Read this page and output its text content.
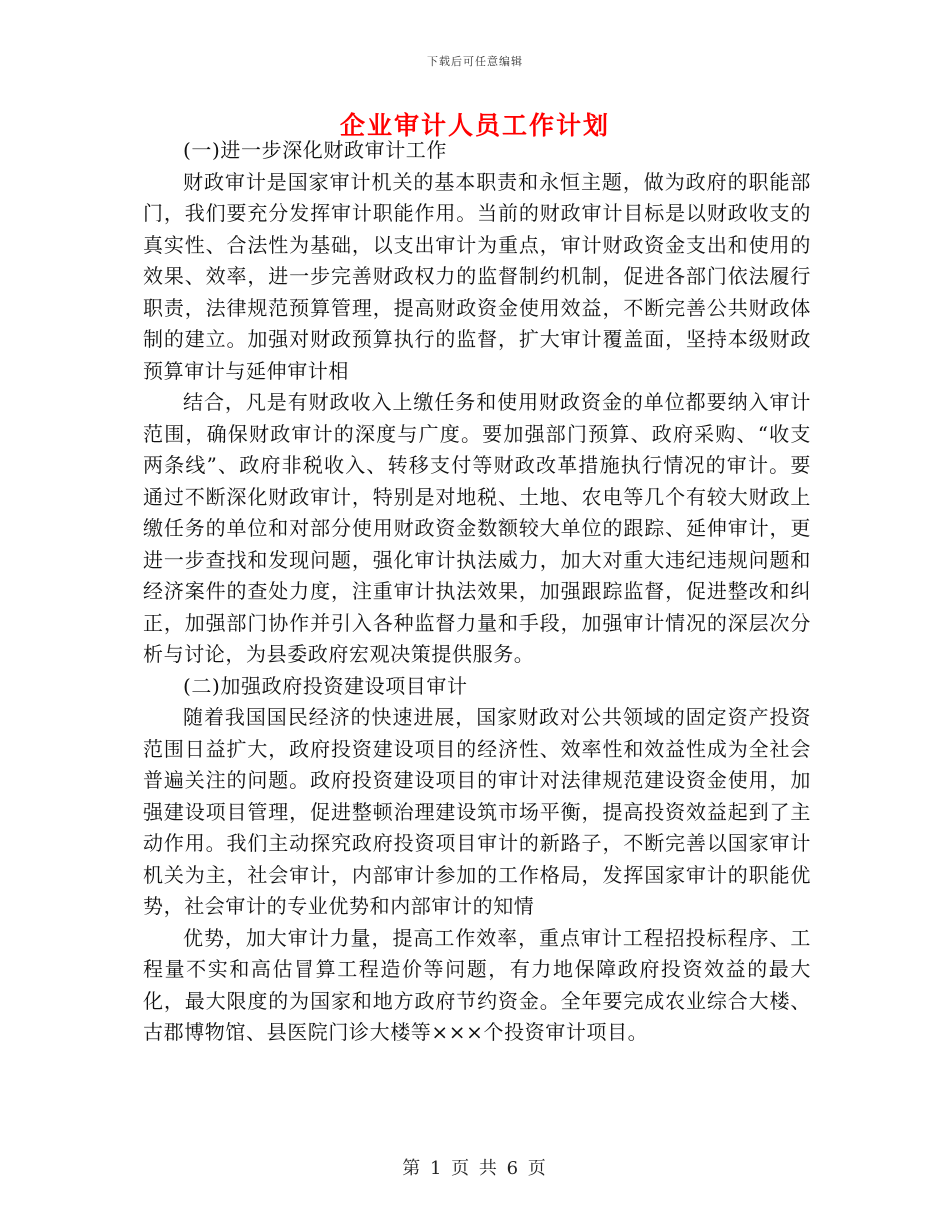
下载后可任意编辑
企业审计人员工作计划

(一)进一步深化财政审计工作

财政审计是国家审计机关的基本职责和永恒主题，做为政府的职能部门，我们要充分发挥审计职能作用。当前的财政审计目标是以财政收支的真实性、合法性为基础，以支出审计为重点，审计财政资金支出和使用的效果、效率，进一步完善财政权力的监督制约机制，促进各部门依法履行职责，法律规范预算管理，提高财政资金使用效益，不断完善公共财政体制的建立。加强对财政预算执行的监督，扩大审计覆盖面，坚持本级财政预算审计与延伸审计相

结合，凡是有财政收入上缴任务和使用财政资金的单位都要纳入审计范围，确保财政审计的深度与广度。要加强部门预算、政府采购、“收支两条线”、政府非税收入、转移支付等财政改革措施执行情况的审计。要通过不断深化财政审计，特别是对地税、土地、农电等几个有较大财政上缴任务的单位和对部分使用财政资金数额较大单位的跟踪、延伸审计，更进一步查找和发现问题，强化审计执法威力，加大对重大违纪违规问题和经济案件的查处力度，注重审计执法效果，加强跟踪监督，促进整改和纠正，加强部门协作并引入各种监督力量和手段，加强审计情况的深层次分析与讨论，为县委政府宏观决策提供服务。

(二)加强政府投资建设项目审计

随着我国国民经济的快速进展，国家财政对公共领域的固定资产投资范围日益扩大，政府投资建设项目的经济性、效率性和效益性成为全社会普遍关注的问题。政府投资建设项目的审计对法律规范建设资金使用，加强建设项目管理，促进整顿治理建设筑市场平衡，提高投资效益起到了主动作用。我们主动探究政府投资项目审计的新路子，不断完善以国家审计机关为主，社会审计，内部审计参加的工作格局，发挥国家审计的职能优势，社会审计的专业优势和内部审计的知情

优势，加大审计力量，提高工作效率，重点审计工程招投标程序、工程量不实和高估冒算工程造价等问题，有力地保障政府投资效益的最大化，最大限度的为国家和地方政府节约资金。全年要完成农业综合大楼、古郡博物馆、县医院门诊大楼等×××个投资审计项目。

第 1 页 共 6 页
